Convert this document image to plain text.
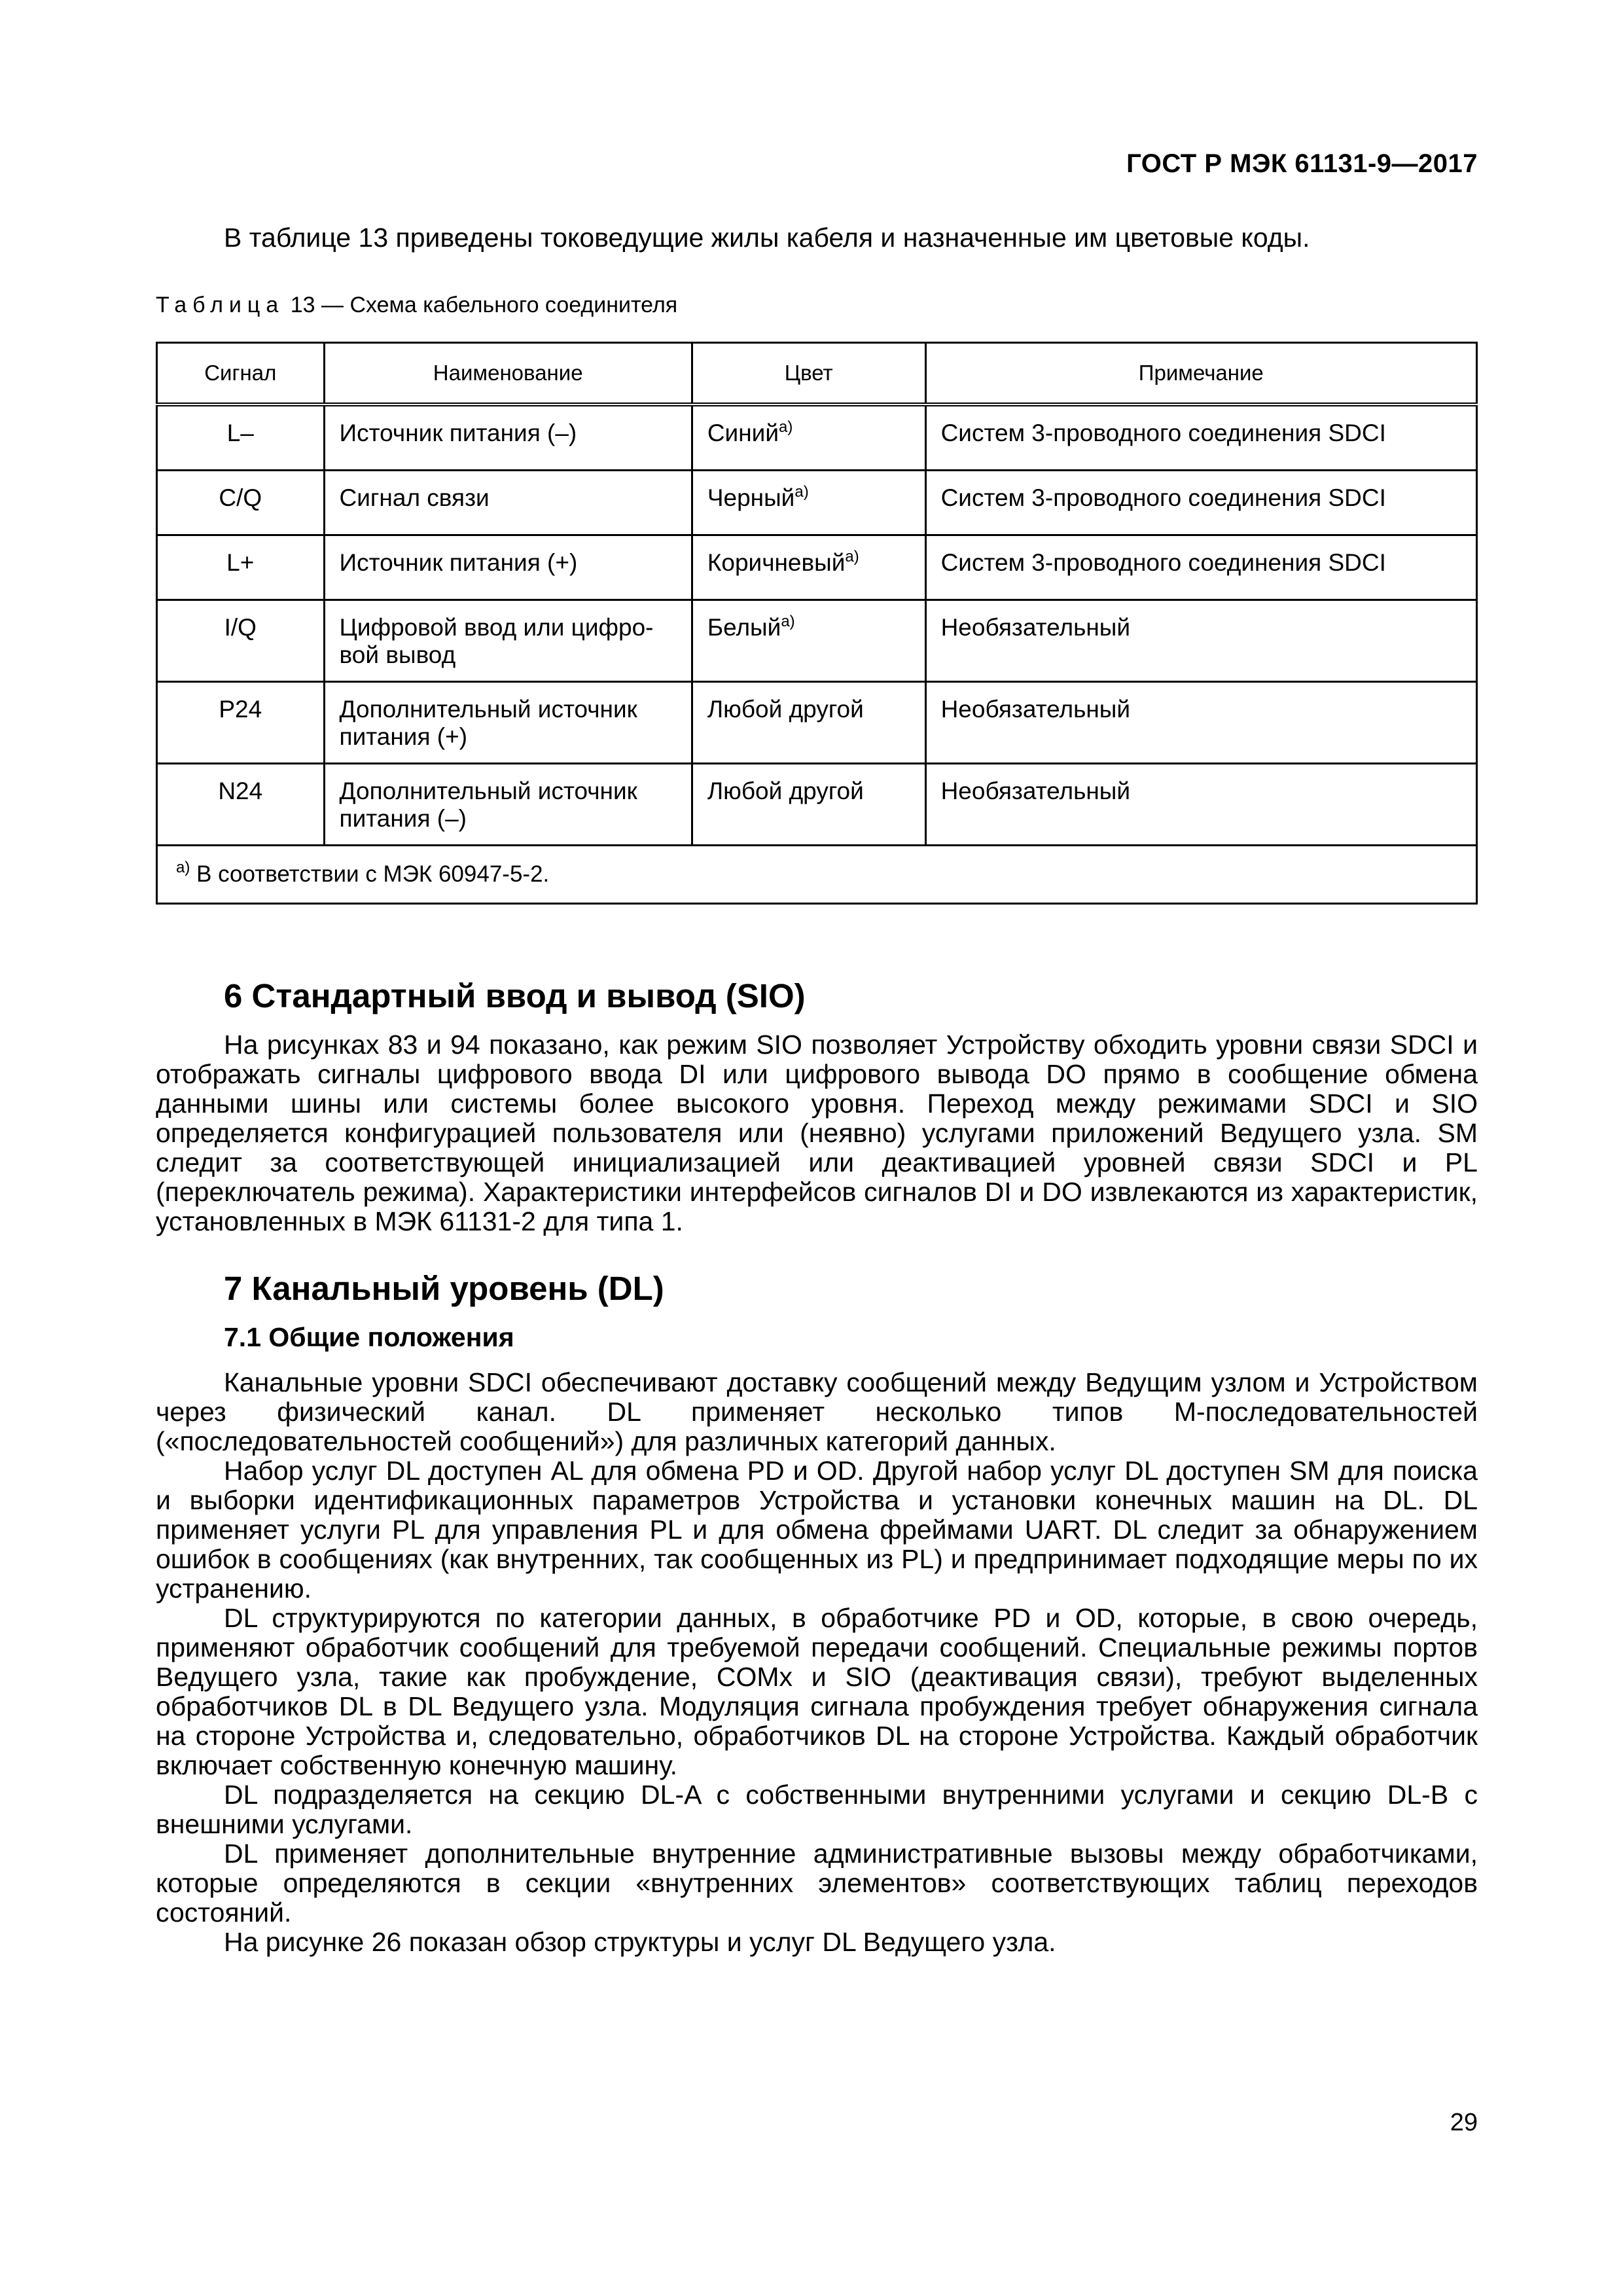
ГОСТ Р МЭК 61131-9—2017
В таблице 13 приведены токоведущие жилы кабеля и назначенные им цветовые коды.
Таблица 13 — Схема кабельного соединителя
Сигнал	Наименование	Цвет	Примечание
L–	Источник питания (–)	Синий$^{a)}$	Систем 3-проводного соединения SDCI
C/Q	Сигнал связи	Черный$^{a)}$	Систем 3-проводного соединения SDCI
L+	Источник питания (+)	Коричневый$^{a)}$	Систем 3-проводного соединения SDCI
I/Q	Цифровой ввод или цифро-вой вывод	Белый$^{a)}$	Необязательный
P24	Дополнительный источник питания (+)	Любой другой	Необязательный
N24	Дополнительный источник питания (–)	Любой другой	Необязательный
$^{а)}$ В соответствии с МЭК 60947-5-2.			
6 Стандартный ввод и вывод (SIO)

На рисунках 83 и 94 показано, как режим SIO позволяет Устройству обходить уровни связи SDCI и отображать сигналы цифрового ввода DI или цифрового вывода DO прямо в сообщение обмена данными шины или системы более высокого уровня. Переход между режимами SDCI и SIO определяется конфигурацией пользователя или (неявно) услугами приложений Ведущего узла. SM следит за соответствующей инициализацией или деактивацией уровней связи SDCI и PL (переключатель режима). Характеристики интерфейсов сигналов DI и DO извлекаются из характеристик, установленных в МЭК 61131-2 для типа 1.

7 Канальный уровень (DL)
7.1 Общие положения

Канальные уровни SDCI обеспечивают доставку сообщений между Ведущим узлом и Устройством через физический канал. DL применяет несколько типов М-последовательностей («последовательностей сообщений») для различных категорий данных.

Набор услуг DL доступен AL для обмена PD и OD. Другой набор услуг DL доступен SM для поиска и выборки идентификационных параметров Устройства и установки конечных машин на DL. DL применяет услуги PL для управления PL и для обмена фреймами UART. DL следит за обнаружением ошибок в сообщениях (как внутренних, так сообщенных из PL) и предпринимает подходящие меры по их устранению.

DL структурируются по категории данных, в обработчике PD и OD, которые, в свою очередь, применяют обработчик сообщений для требуемой передачи сообщений. Специальные режимы портов Ведущего узла, такие как пробуждение, COMx и SIO (деактивация связи), требуют выделенных обработчиков DL в DL Ведущего узла. Модуляция сигнала пробуждения требует обнаружения сигнала на стороне Устройства и, следовательно, обработчиков DL на стороне Устройства. Каждый обработчик включает собственную конечную машину.

DL подразделяется на секцию DL-A с собственными внутренними услугами и секцию DL-B с внешними услугами.

DL применяет дополнительные внутренние административные вызовы между обработчиками, которые определяются в секции «внутренних элементов» соответствующих таблиц переходов состояний.

На рисунке 26 показан обзор структуры и услуг DL Ведущего узла.

29
